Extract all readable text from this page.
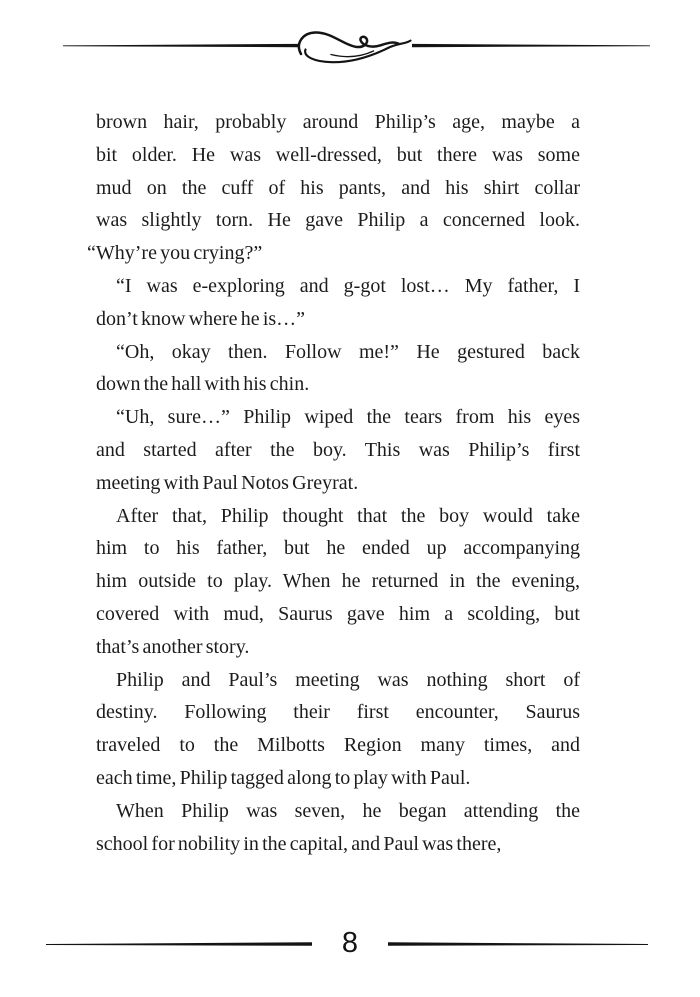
brown hair, probably around Philip’s age, maybe a
bit older. He was well-dressed, but there was some
mud on the cuff of his pants, and his shirt collar
was slightly torn. He gave Philip a concerned look.
“Why’re you crying?”
“I was e-exploring and g-got lost… My father, I
don’t know where he is…”
“Oh, okay then. Follow me!” He gestured back
down the hall with his chin.
“Uh, sure…” Philip wiped the tears from his eyes
and started after the boy. This was Philip’s first
meeting with Paul Notos Greyrat.
After that, Philip thought that the boy would take
him to his father, but he ended up accompanying
him outside to play. When he returned in the evening,
covered with mud, Saurus gave him a scolding, but
that’s another story.
Philip and Paul’s meeting was nothing short of
destiny. Following their first encounter, Saurus
traveled to the Milbotts Region many times, and
each time, Philip tagged along to play with Paul.
When Philip was seven, he began attending the
school for nobility in the capital, and Paul was there,
8
